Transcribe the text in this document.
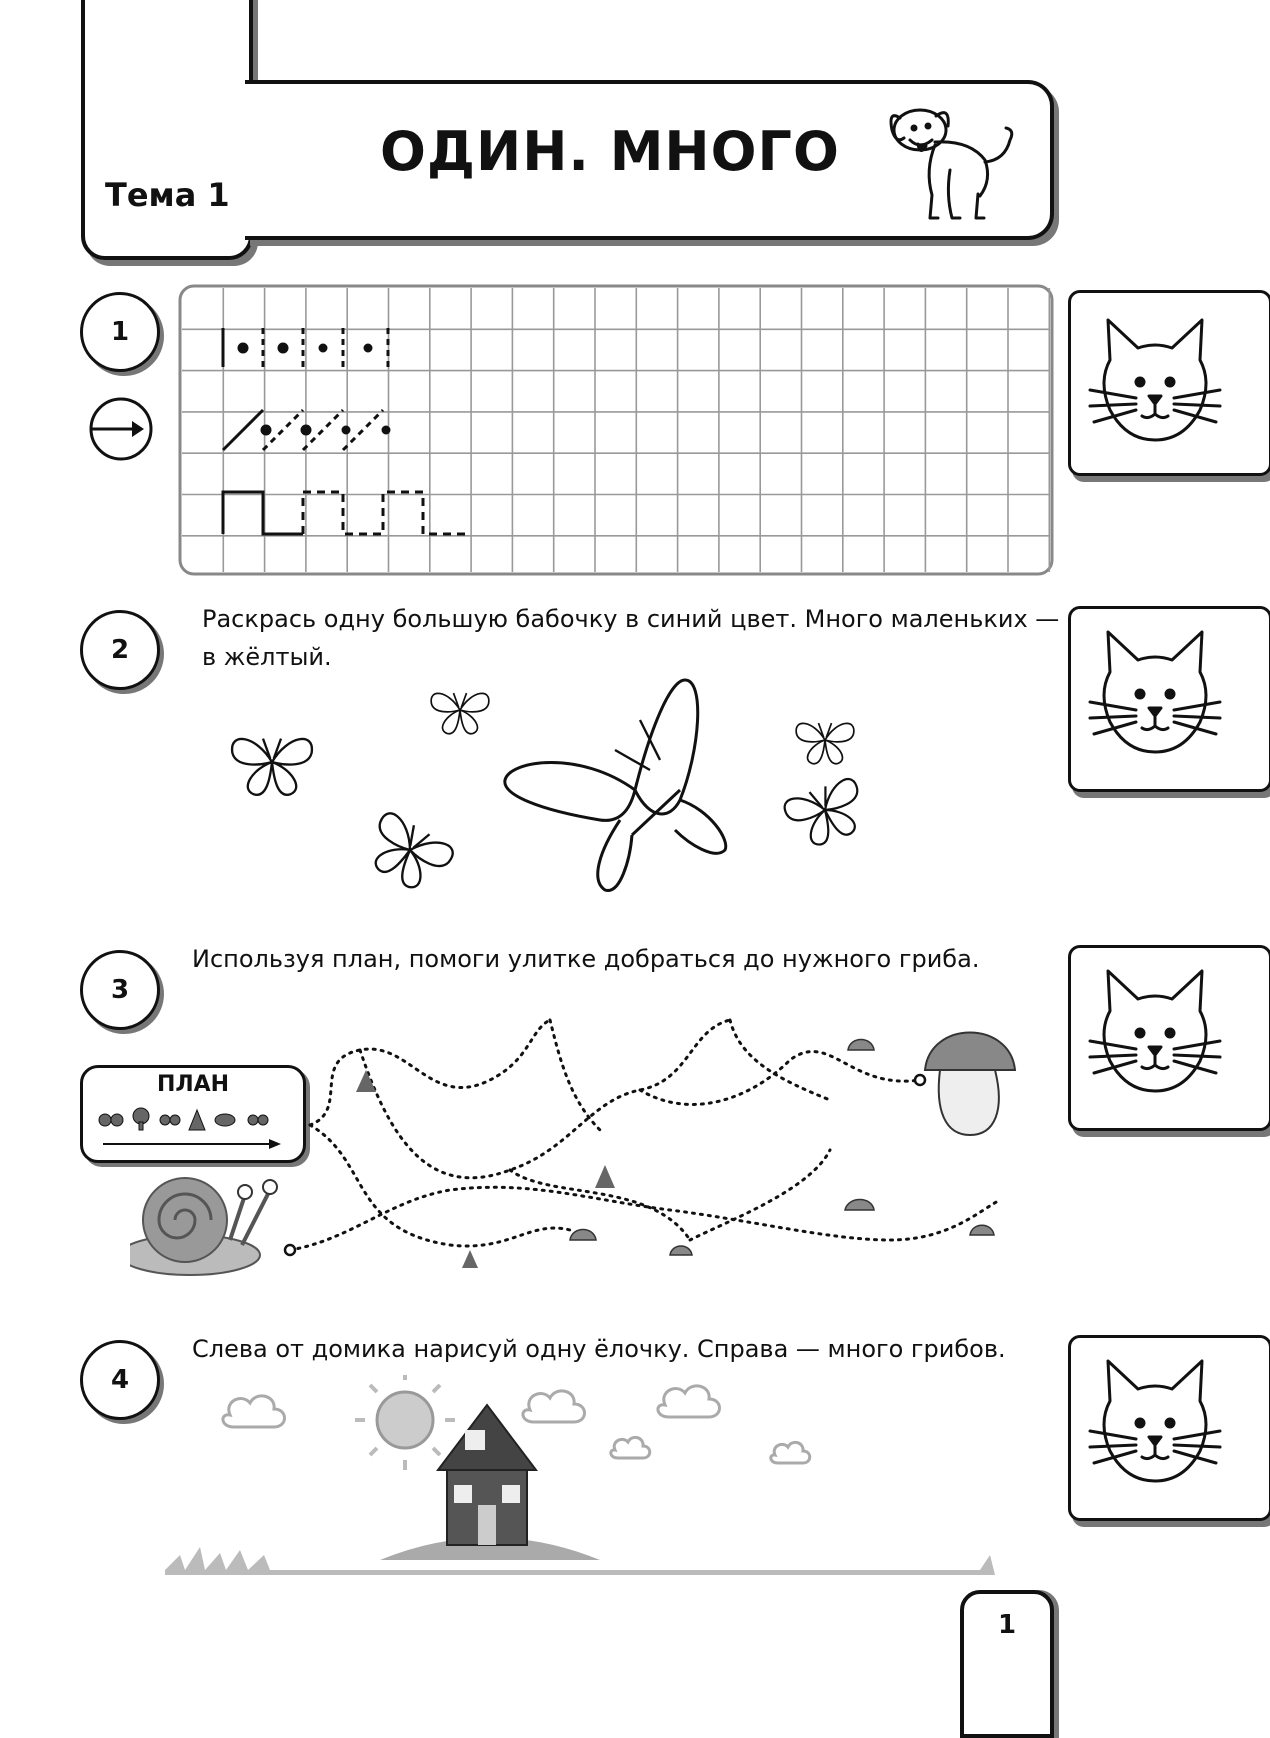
Тема 1
ОДИН. МНОГО
1
2
Раскрась одну большую бабочку в синий цвет. Много маленьких — в жёлтый.
3
Используя план, помоги улитке добраться до нужного гриба.
ПЛАН
4
Слева от домика нарисуй одну ёлочку. Справа — много грибов.
1
